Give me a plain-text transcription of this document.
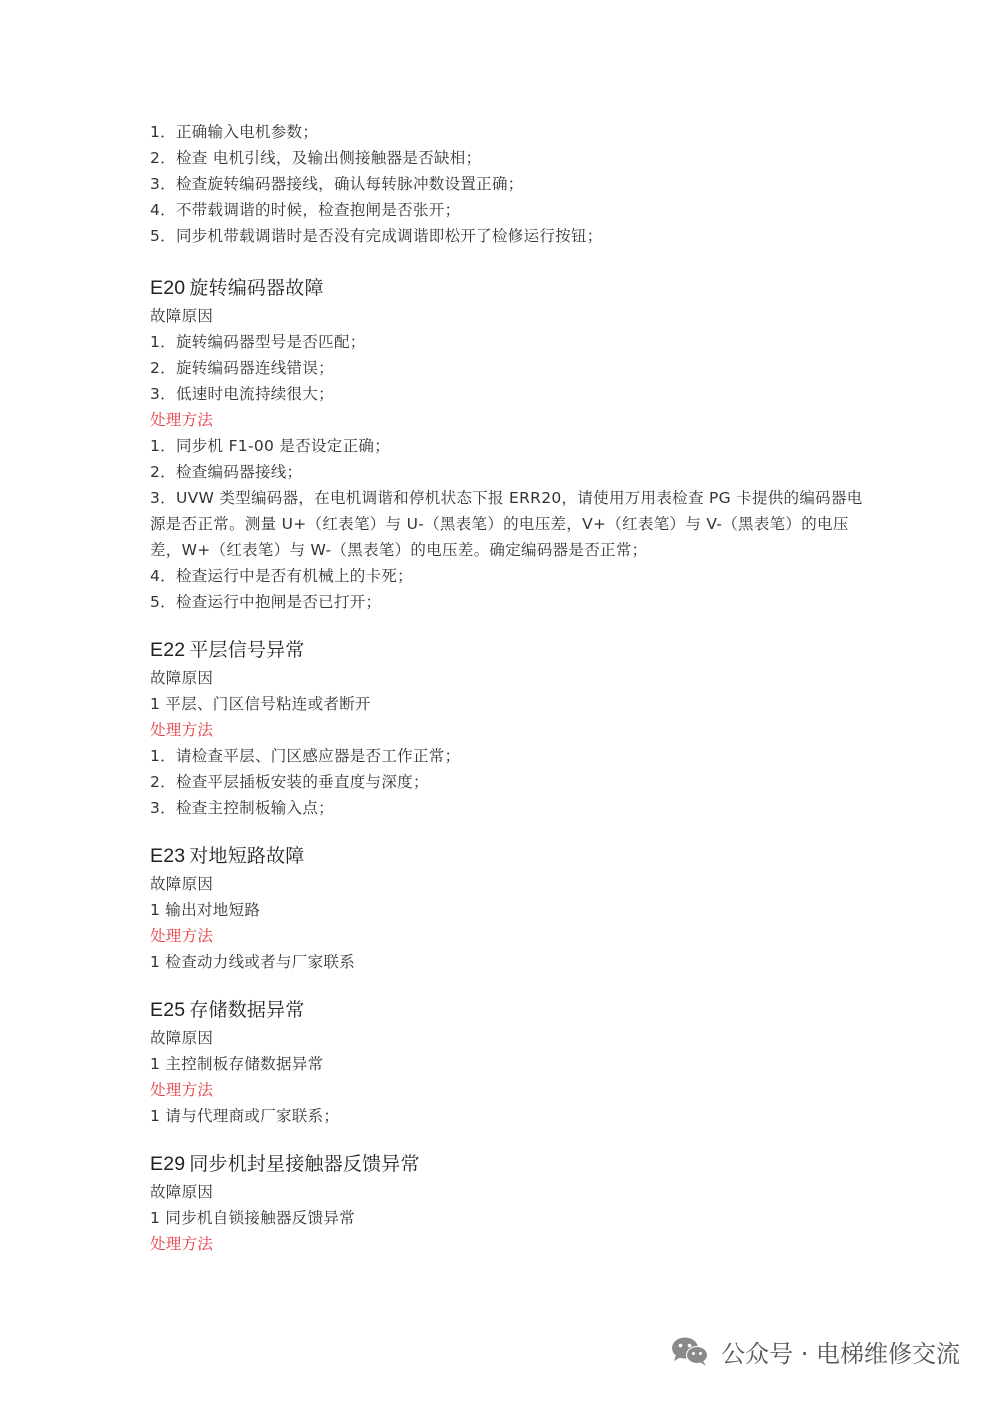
1．正确输入电机参数；
2．检查 电机引线，及输出侧接触器是否缺相；
3．检查旋转编码器接线，确认每转脉冲数设置正确；
4．不带载调谐的时候，检查抱闸是否张开；
5．同步机带载调谐时是否没有完成调谐即松开了检修运行按钮；
E20 旋转编码器故障
故障原因
1．旋转编码器型号是否匹配；
2．旋转编码器连线错误；
3．低速时电流持续很大；
处理方法
1．同步机 F1-00 是否设定正确；
2．检查编码器接线；
3．UVW 类型编码器，在电机调谐和停机状态下报 ERR20，请使用万用表检查 PG 卡提供的编码器电源是否正常。测量 U+（红表笔）与 U-（黑表笔）的电压差，V+（红表笔）与 V-（黑表笔）的电压差，W+（红表笔）与 W-（黑表笔）的电压差。确定编码器是否正常；
4．检查运行中是否有机械上的卡死；
5．检查运行中抱闸是否已打开；
E22 平层信号异常
故障原因
1 平层、门区信号粘连或者断开
处理方法
1．请检查平层、门区感应器是否工作正常；
2．检查平层插板安装的垂直度与深度；
3．检查主控制板输入点；
E23 对地短路故障
故障原因
1 输出对地短路
处理方法
1 检查动力线或者与厂家联系
E25 存储数据异常
故障原因
1 主控制板存储数据异常
处理方法
1 请与代理商或厂家联系；
E29 同步机封星接触器反馈异常
故障原因
1 同步机自锁接触器反馈异常
处理方法
公众号 · 电梯维修交流
